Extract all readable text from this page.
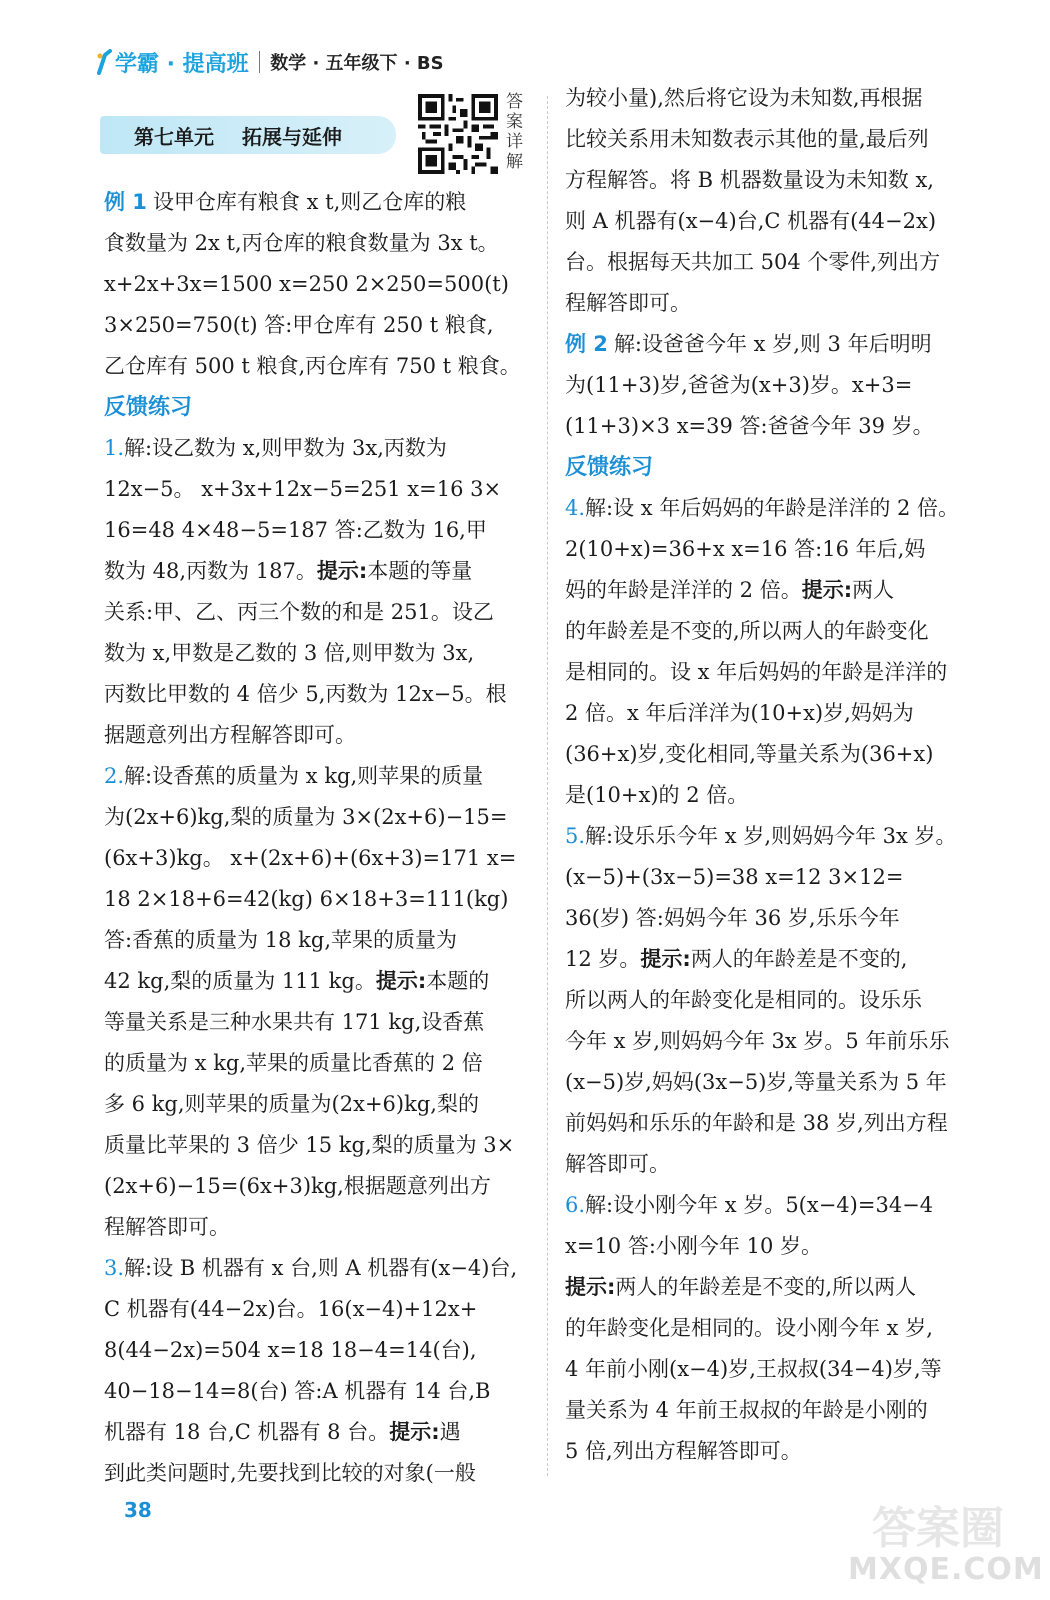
学霸 · 提高班 数学 · 五年级下 · BS
第七单元 拓展与延伸
答案详解
例 1 设甲仓库有粮食 x t,则乙仓库的粮
食数量为 2x t,丙仓库的粮食数量为 3x t。
x+2x+3x=1500 x=250 2×250=500(t)
3×250=750(t) 答:甲仓库有 250 t 粮食,
乙仓库有 500 t 粮食,丙仓库有 750 t 粮食。
反馈练习
1.解:设乙数为 x,则甲数为 3x,丙数为
12x−5。 x+3x+12x−5=251 x=16 3×
16=48 4×48−5=187 答:乙数为 16,甲
数为 48,丙数为 187。提示:本题的等量
关系:甲、乙、丙三个数的和是 251。设乙
数为 x,甲数是乙数的 3 倍,则甲数为 3x,
丙数比甲数的 4 倍少 5,丙数为 12x−5。根
据题意列出方程解答即可。
2.解:设香蕉的质量为 x kg,则苹果的质量
为(2x+6)kg,梨的质量为 3×(2x+6)−15=
(6x+3)kg。 x+(2x+6)+(6x+3)=171 x=
18 2×18+6=42(kg) 6×18+3=111(kg)
答:香蕉的质量为 18 kg,苹果的质量为
42 kg,梨的质量为 111 kg。提示:本题的
等量关系是三种水果共有 171 kg,设香蕉
的质量为 x kg,苹果的质量比香蕉的 2 倍
多 6 kg,则苹果的质量为(2x+6)kg,梨的
质量比苹果的 3 倍少 15 kg,梨的质量为 3×
(2x+6)−15=(6x+3)kg,根据题意列出方
程解答即可。
3.解:设 B 机器有 x 台,则 A 机器有(x−4)台,
C 机器有(44−2x)台。16(x−4)+12x+
8(44−2x)=504 x=18 18−4=14(台),
40−18−14=8(台) 答:A 机器有 14 台,B
机器有 18 台,C 机器有 8 台。提示:遇
到此类问题时,先要找到比较的对象(一般
为较小量),然后将它设为未知数,再根据
比较关系用未知数表示其他的量,最后列
方程解答。将 B 机器数量设为未知数 x,
则 A 机器有(x−4)台,C 机器有(44−2x)
台。根据每天共加工 504 个零件,列出方
程解答即可。
例 2 解:设爸爸今年 x 岁,则 3 年后明明
为(11+3)岁,爸爸为(x+3)岁。x+3=
(11+3)×3 x=39 答:爸爸今年 39 岁。
反馈练习
4.解:设 x 年后妈妈的年龄是洋洋的 2 倍。
2(10+x)=36+x x=16 答:16 年后,妈
妈的年龄是洋洋的 2 倍。提示:两人
的年龄差是不变的,所以两人的年龄变化
是相同的。设 x 年后妈妈的年龄是洋洋的
2 倍。x 年后洋洋为(10+x)岁,妈妈为
(36+x)岁,变化相同,等量关系为(36+x)
是(10+x)的 2 倍。
5.解:设乐乐今年 x 岁,则妈妈今年 3x 岁。
(x−5)+(3x−5)=38 x=12 3×12=
36(岁) 答:妈妈今年 36 岁,乐乐今年
12 岁。提示:两人的年龄差是不变的,
所以两人的年龄变化是相同的。设乐乐
今年 x 岁,则妈妈今年 3x 岁。5 年前乐乐
(x−5)岁,妈妈(3x−5)岁,等量关系为 5 年
前妈妈和乐乐的年龄和是 38 岁,列出方程
解答即可。
6.解:设小刚今年 x 岁。5(x−4)=34−4
x=10 答:小刚今年 10 岁。
提示:两人的年龄差是不变的,所以两人
的年龄变化是相同的。设小刚今年 x 岁,
4 年前小刚(x−4)岁,王叔叔(34−4)岁,等
量关系为 4 年前王叔叔的年龄是小刚的
5 倍,列出方程解答即可。
38	答案圈
MXQE.COM
